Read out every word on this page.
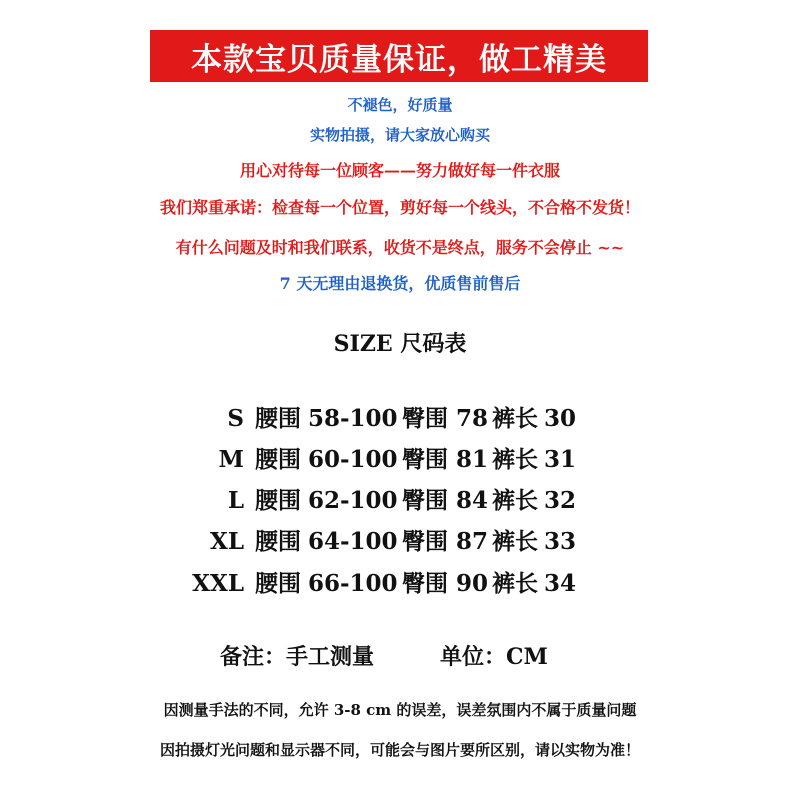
本款宝贝质量保证，做工精美
不褪色，好质量
实物拍摄，请大家放心购买
用心对待每一位顾客——努力做好每一件衣服
我们郑重承诺：检查每一个位置，剪好每一个线头，不合格不发货！
有什么问题及时和我们联系，收货不是终点，服务不会停止 ~~
7 天无理由退换货，优质售前售后
SIZE 尺码表
S 腰围 58-100 臀围 78 裤长 30
M 腰围 60-100 臀围 81 裤长 31
L 腰围 62-100 臀围 84 裤长 32
XL 腰围 64-100 臀围 87 裤长 33
XXL 腰围 66-100 臀围 90 裤长 34
备注：手工测量	单位：CM
因测量手法的不同，允许 3-8 cm 的误差，误差氛围内不属于质量问题
因拍摄灯光问题和显示器不同，可能会与图片要所区别，请以实物为准！
